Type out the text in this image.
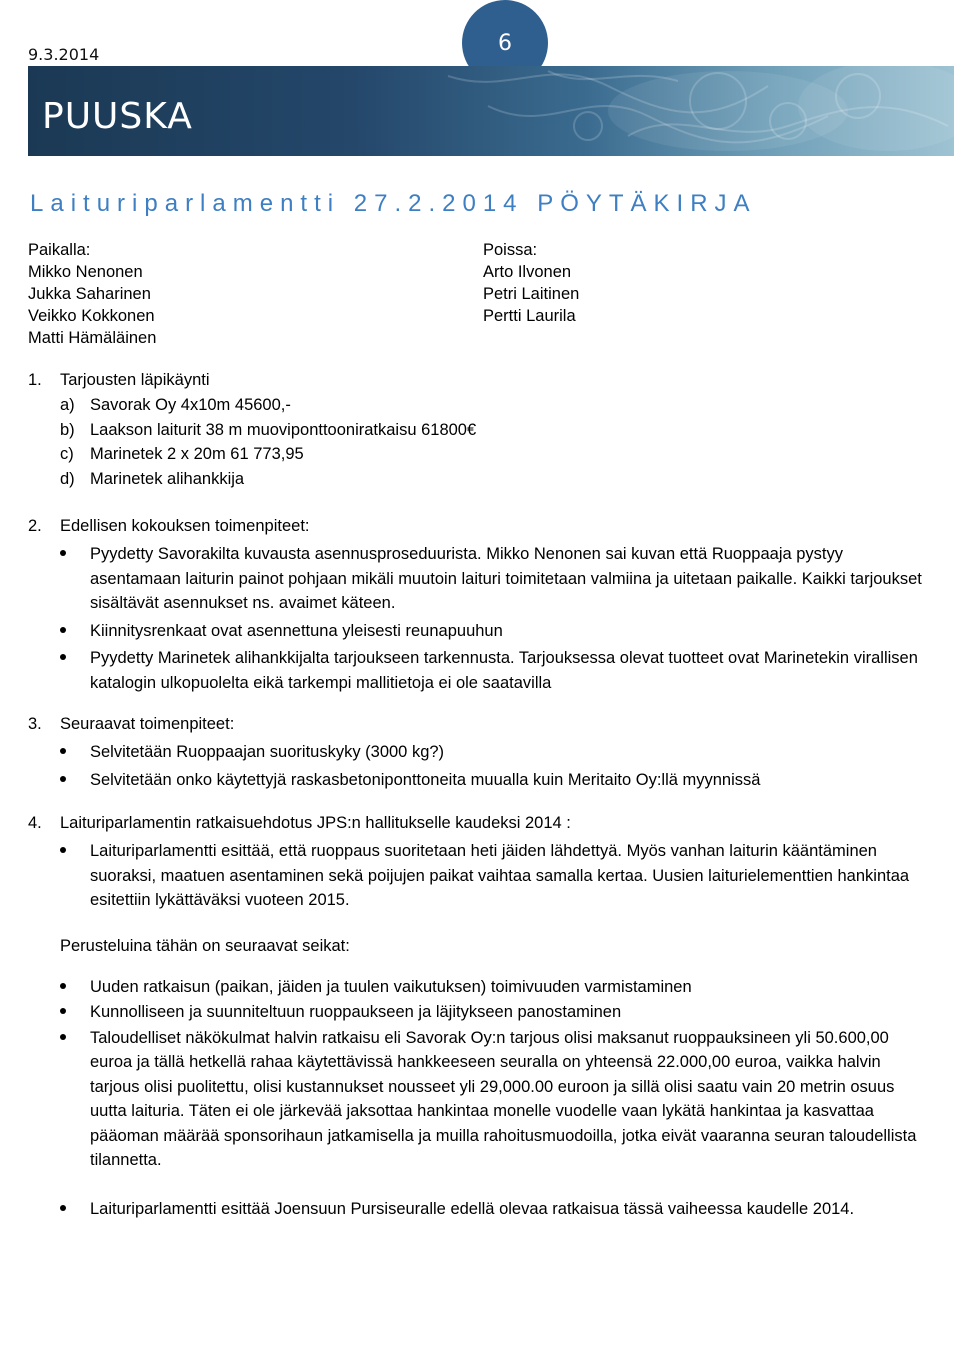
9.3.2014	6
PUUSKA
Laituriparlamentti 27.2.2014 PÖYTÄKIRJA
Paikalla:
Mikko Nenonen
Jukka Saharinen
Veikko Kokkonen
Matti Hämäläinen
Poissa:
Arto Ilvonen
Petri Laitinen
Pertti Laurila
1.	Tarjousten läpikäynti
a) Savorak Oy 4x10m 45600,-
b) Laakson laiturit 38 m muoviponttooniratkaisu 61800€
c) Marinetek 2 x 20m 61 773,95
d) Marinetek alihankkija
2.	Edellisen kokouksen toimenpiteet:
Pyydetty Savorakilta kuvausta asennusproseduurista. Mikko Nenonen sai kuvan että Ruoppaaja pystyy asentamaan laiturin painot pohjaan mikäli muutoin laituri toimitetaan valmiina ja uitetaan paikalle. Kaikki tarjoukset sisältävät asennukset ns. avaimet käteen.
Kiinnitysrenkaat ovat asennettuna yleisesti reunapuuhun
Pyydetty Marinetek alihankkijalta tarjoukseen tarkennusta. Tarjouksessa olevat tuotteet ovat Marinetekin virallisen katalogin ulkopuolelta eikä tarkempi mallitietoja ei ole saatavilla
3.	Seuraavat toimenpiteet:
Selvitetään Ruoppaajan suorituskyky (3000 kg?)
Selvitetään onko käytettyjä raskasbetoniponttoneita muualla kuin Meritaito Oy:llä myynnissä
4.	Laituriparlamentin ratkaisuehdotus JPS:n hallitukselle kaudeksi 2014 :
Laituriparlamentti esittää, että ruoppaus suoritetaan heti jäiden lähdettyä. Myös vanhan laiturin kääntäminen suoraksi, maatuen asentaminen sekä poijujen paikat vaihtaa samalla kertaa. Uusien laiturielementtien hankintaa esitettiin lykättäväksi vuoteen 2015.
Perusteluina tähän on seuraavat seikat:
Uuden ratkaisun (paikan, jäiden ja tuulen vaikutuksen) toimivuuden varmistaminen
Kunnolliseen ja suunniteltuun ruoppaukseen ja läjitykseen panostaminen
Taloudelliset näkökulmat halvin ratkaisu eli Savorak Oy:n tarjous olisi maksanut ruoppauksineen yli 50.600,00 euroa ja tällä hetkellä rahaa käytettävissä hankkeeseen seuralla on yhteensä 22.000,00 euroa, vaikka halvin tarjous olisi puolitettu, olisi kustannukset nousseet yli 29,000.00 euroon ja sillä olisi saatu vain 20 metrin osuus uutta laituria. Täten ei ole järkevää jaksottaa hankintaa monelle vuodelle vaan lykätä hankintaa ja kasvattaa pääoman määrää sponsorihaun jatkamisella ja muilla rahoitusmuodoilla, jotka eivät vaaranna seuran taloudellista tilannetta.
Laituriparlamentti esittää Joensuun Pursiseuralle edellä olevaa ratkaisua tässä vaiheessa kaudelle 2014.
